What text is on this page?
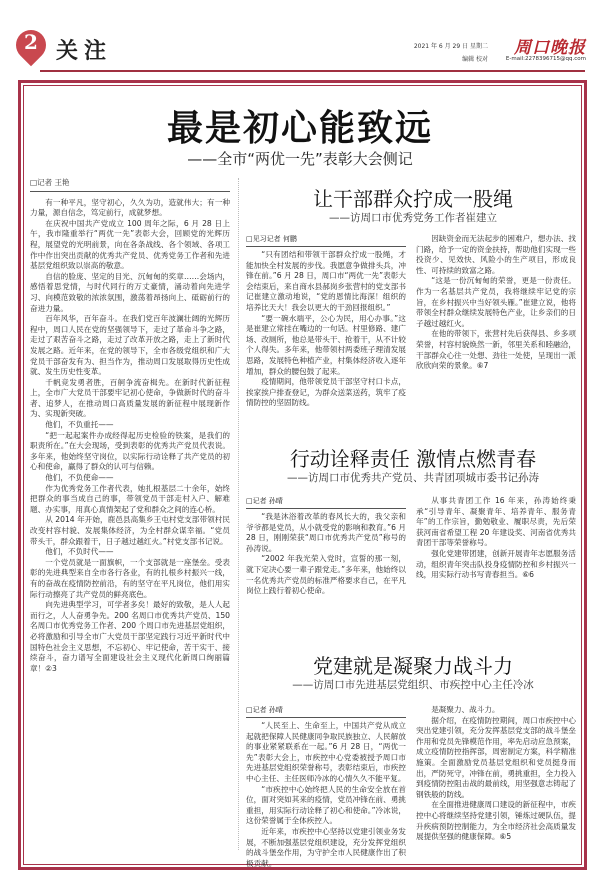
2 关注	2021 年 6 月 29 日 星期二
编辑 校对
周口晚报
E-mail:2278396715@qq.com
最是初心能致远
——全市“两优一先”表彰大会侧记
□记者 王艳

有一种平凡，坚守初心，久久为功，造就伟大；有一种力量，源自信念，笃定前行，成就梦想。

在庆祝中国共产党成立 100 周年之际，6 月 28 日上午，我市隆重举行“两优一先”表彰大会，回顾党的光辉历程，展望党的光明前景，向在各条战线、各个领域、各项工作中作出突出贡献的优秀共产党员、优秀党务工作者和先进基层党组织致以崇高的敬意。

自信的脸庞、坚定的目光、沉甸甸的奖章……会场内，感悟着思党情，与时代同行的万丈豪情，涌动着向先进学习、向模范致敬的浓浓氛围，激荡着昂扬向上、砥砺前行的奋进力量。

百年风华，百年奋斗。在我们党百年波澜壮阔的光辉历程中，周口人民在党的坚强领导下，走过了革命斗争之路，走过了艰苦奋斗之路，走过了改革开放之路，走上了新时代发展之路。近年来，在党的领导下，全市各级党组织和广大党员干部奋发有为、担当作为，推动周口发展取得历史性成就、发生历史性变革。

千帆竞发勇者胜，百舸争流奋楫先。在新时代新征程上，全市广大党员干部要牢记初心使命，争做新时代的奋斗者、追梦人，在推动周口高质量发展的新征程中展现新作为、实现新突破。

他们，不负重托——

“把一起起案件办成经得起历史检验的铁案，是我们的职责所在。”在大会现场，受到表彰的优秀共产党员代表说。多年来，他始终坚守岗位，以实际行动诠释了共产党员的初心和使命，赢得了群众的认可与信赖。

他们，不负使命——

作为优秀党务工作者代表，她扎根基层二十余年，始终把群众的事当成自己的事，带领党员干部走村入户、解难题、办实事，用真心真情架起了党和群众之间的连心桥。

从 2014 年开始，鹿邑县高集乡王屯村党支部带领村民改变村容村貌、发展集体经济，为全村群众谋幸福。“党员带头干，群众跟着干，日子越过越红火。”村党支部书记说。

他们，不负时代——

一个党员就是一面旗帜，一个支部就是一座堡垒。受表彰的先进典型来自全市各行各业，有的扎根乡村振兴一线，有的奋战在疫情防控前沿，有的坚守在平凡岗位，他们用实际行动擦亮了共产党员的鲜亮底色。

向先进典型学习，可学者多矣！最好的致敬，是人人起而行之，人人奋勇争先。200 名周口市优秀共产党员、150 名周口市优秀党务工作者、200 个周口市先进基层党组织，必将激励和引导全市广大党员干部坚定践行习近平新时代中国特色社会主义思想，不忘初心、牢记使命，苦干实干、接续奋斗，奋力谱写全面建设社会主义现代化新周口绚丽篇章！②3

让干部群众拧成一股绳
——访周口市优秀党务工作者崔建立
□见习记者 何鹏

“只有团结和带领干部群众拧成一股绳，才能加快全村发展的步伐。我愿意争做排头兵，冲锋在前。”6 月 28 日，周口市“两优一先”表彰大会结束后，来自商水县郝岗乡张营村的党支部书记崔建立激动地说，“党的恩情比海深！组织的培养比天大！我会以更大的干劲回报组织。”

“要一碗水端平，公心为民，用心办事。”这是崔建立常挂在嘴边的一句话。村里修路、建广场、改厕所，他总是带头干、抢着干，从不计较个人得失。多年来，他带领村两委班子理清发展思路，发展特色种植产业，村集体经济收入逐年增加，群众的腰包鼓了起来。

疫情期间，他带领党员干部坚守村口卡点，挨家挨户排查登记，为群众送菜送药，筑牢了疫情防控的坚固防线。

因缺资金而无法起步的困难户，想办法、找门路，给予一定的资金扶持，帮助他们实现一些投资少、见效快、风险小的生产项目，形成良性、可持续的致富之路。

“这是一份沉甸甸的荣誉，更是一份责任。作为一名基层共产党员，我将继续牢记党的宗旨，在乡村振兴中当好领头雁。”崔建立说，他将带领全村群众继续发展特色产业，让乡亲们的日子越过越红火。

在他的带领下，张营村先后获得县、乡多项荣誉，村容村貌焕然一新，邻里关系和睦融洽，干部群众心往一处想、劲往一处使，呈现出一派欣欣向荣的景象。⑥7

行动诠释责任 激情点燃青春
——访周口市优秀共产党员、共青团项城市委书记孙涛
□记者 孙晴

“我是沐浴着改革的春风长大的，我父亲和爷爷都是党员，从小就受党的影响和教育。”6 月 28 日，刚刚荣获“周口市优秀共产党员”称号的孙涛说。

“2002 年我光荣入党时，宣誓的那一刻，就下定决心要一辈子跟党走。”多年来，他始终以一名优秀共产党员的标准严格要求自己，在平凡岗位上践行着初心使命。

从事共青团工作 16 年来，孙涛始终秉承“引导青年、凝聚青年、培养青年、服务青年”的工作宗旨，勤勉敬业、履职尽责，先后荣获河南省希望工程 20 年建设奖、河南省优秀共青团干部等荣誉称号。

强化党建带团建，创新开展青年志愿服务活动，组织青年突击队投身疫情防控和乡村振兴一线，用实际行动书写青春担当。⑥6

党建就是凝聚力战斗力
——访周口市先进基层党组织、市疾控中心主任冷冰
□记者 孙晴

“人民至上、生命至上，中国共产党从成立起就把保障人民健康同争取民族独立、人民解放的事业紧紧联系在一起。”6 月 28 日，“两优一先”表彰大会上，市疾控中心党委被授予周口市先进基层党组织荣誉称号，表彰结束后，市疾控中心主任、主任医师冷冰的心情久久不能平复。

“市疾控中心始终把人民的生命安全放在首位，面对突如其来的疫情，党员冲锋在前、勇挑重担，用实际行动诠释了初心和使命。”冷冰说，这份荣誉属于全体疾控人。

近年来，市疾控中心坚持以党建引领业务发展，不断加强基层党组织建设，充分发挥党组织的战斗堡垒作用，为守护全市人民健康作出了积极贡献。

是凝聚力、战斗力。

据介绍，在疫情防控期间，周口市疾控中心突出党建引领，充分发挥基层党支部的战斗堡垒作用和党员先锋模范作用，率先启动应急预案，成立疫情防控指挥部，周密制定方案，科学精准施策。全面激励党员基层党组织和党员挺身而出，严防死守，冲锋在前，勇挑重担，全力投入到疫情防控阻击战的最前线，用坚强意志铸起了钢铁般的防线。

在全面推进健康周口建设的新征程中，市疾控中心将继续坚持党建引领，锤炼过硬队伍，提升疾病预防控制能力，为全市经济社会高质量发展提供坚强的健康保障。⑥5
